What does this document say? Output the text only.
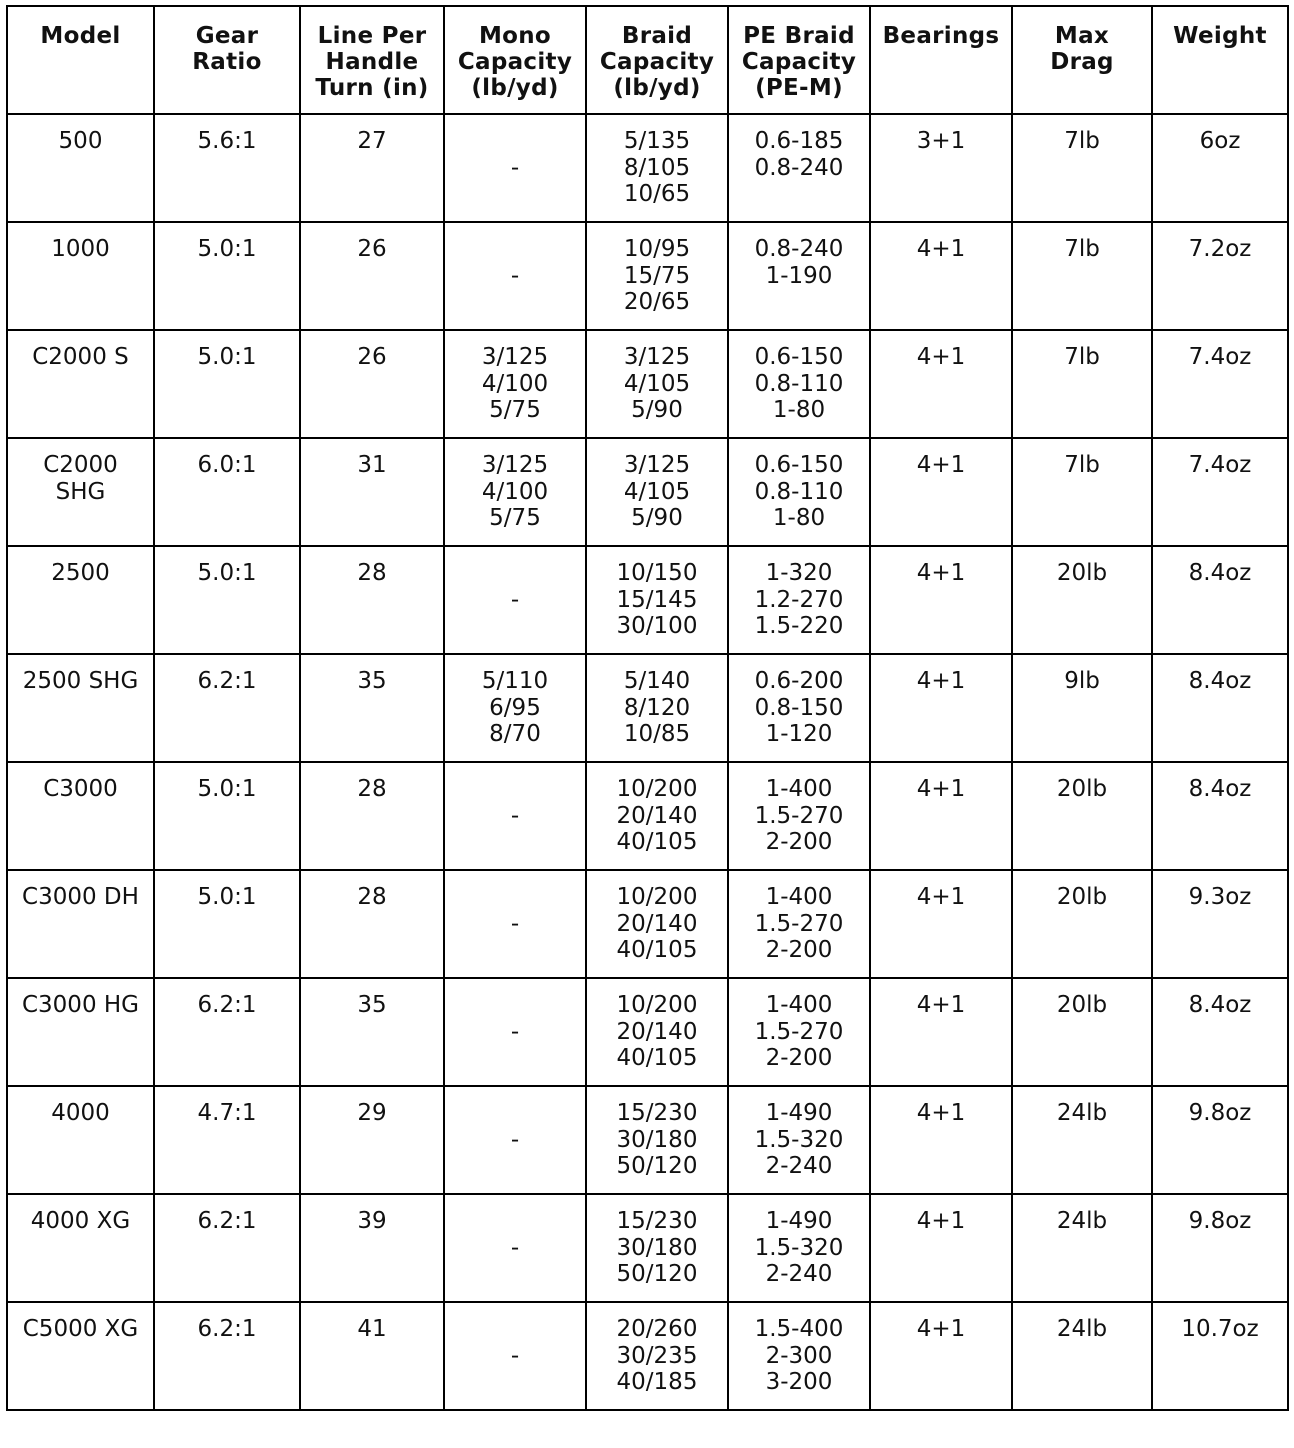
Model	Gear
Ratio	Line Per
Handle
Turn (in)	Mono
Capacity
(lb/yd)	Braid
Capacity
(lb/yd)	PE Braid
Capacity
(PE-M)	Bearings	Max
Drag	Weight

500	5.6:1	27	-	5/135
8/105
10/65	0.6-185
0.8-240	3+1	7lb	6oz

1000	5.0:1	26	-	10/95
15/75
20/65	0.8-240
1-190	4+1	7lb	7.2oz

C2000 S	5.0:1	26	3/125
4/100
5/75	3/125
4/105
5/90	0.6-150
0.8-110
1-80	4+1	7lb	7.4oz

C2000
SHG	6.0:1	31	3/125
4/100
5/75	3/125
4/105
5/90	0.6-150
0.8-110
1-80	4+1	7lb	7.4oz

2500	5.0:1	28	-	10/150
15/145
30/100	1-320
1.2-270
1.5-220	4+1	20lb	8.4oz

2500 SHG	6.2:1	35	5/110
6/95
8/70	5/140
8/120
10/85	0.6-200
0.8-150
1-120	4+1	9lb	8.4oz

C3000	5.0:1	28	-	10/200
20/140
40/105	1-400
1.5-270
2-200	4+1	20lb	8.4oz

C3000 DH	5.0:1	28	-	10/200
20/140
40/105	1-400
1.5-270
2-200	4+1	20lb	9.3oz

C3000 HG	6.2:1	35	-	10/200
20/140
40/105	1-400
1.5-270
2-200	4+1	20lb	8.4oz

4000	4.7:1	29	-	15/230
30/180
50/120	1-490
1.5-320
2-240	4+1	24lb	9.8oz

4000 XG	6.2:1	39	-	15/230
30/180
50/120	1-490
1.5-320
2-240	4+1	24lb	9.8oz

C5000 XG	6.2:1	41	-	20/260
30/235
40/185	1.5-400
2-300
3-200	4+1	24lb	10.7oz
